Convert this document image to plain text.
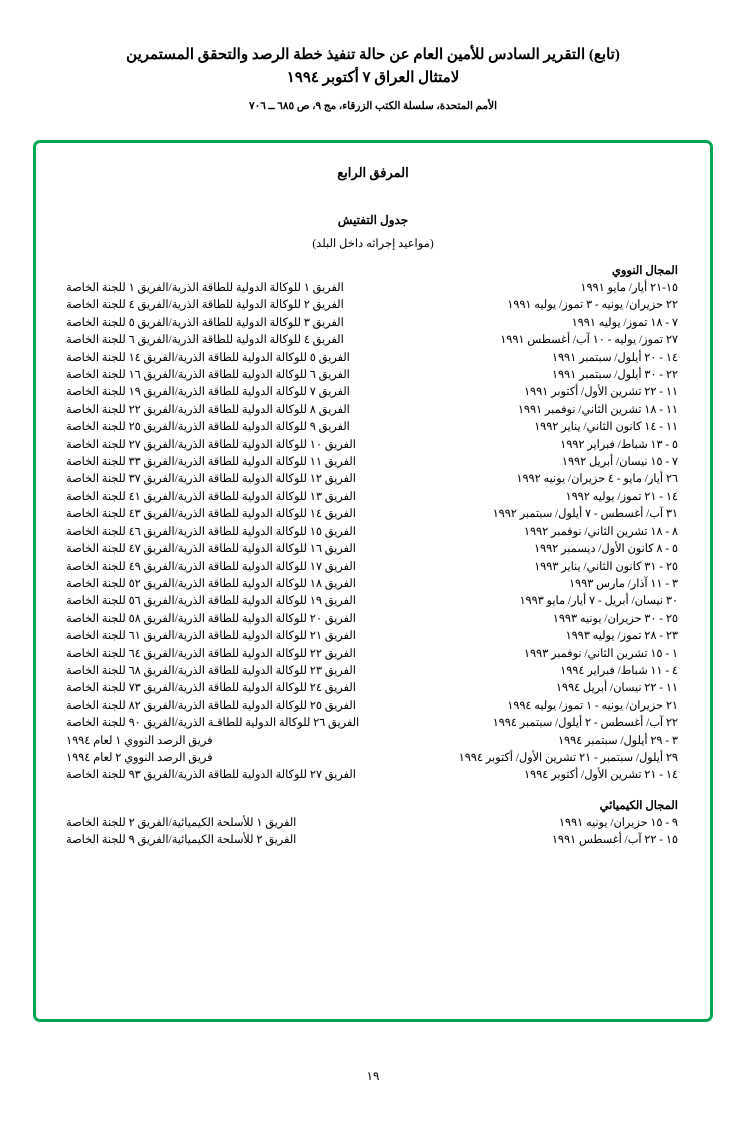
(تابع) التقرير السادس للأمين العام عن حالة تنفيذ خطة الرصد والتحقق المستمرين
لامتثال العراق ٧ أكتوبر ١٩٩٤
الأمم المتحدة، سلسلة الكتب الزرقاء، مج ٩، ص ٦٨٥ ــ ٧٠٦
المرفق الرابع
جدول التفتيش
(مواعيد إجراثه داخل البلد)
المجال النووي
١٥-٢١ أيار/ مايو ١٩٩١
الفريق ١ للوكالة الدولية للطاقة الذرية/الفريق ١ للجنة الخاصة
٢٢ حزيران/ يونيه - ٣ تموز/ يوليه ١٩٩١
الفريق ٢ للوكالة الدولية للطاقة الذرية/الفريق ٤ للجنة الخاصة
٧ - ١٨ تموز/ يوليه ١٩٩١
الفريق ٣ للوكالة الدولية للطاقة الذرية/الفريق ٥ للجنة الخاصة
٢٧ تموز/ يوليه - ١٠ آب/ أغسطس ١٩٩١
الفريق ٤ للوكالة الدولية للطاقة الذرية/الفريق ٦ للجنة الخاصة
١٤ - ٢٠ أيلول/ سبتمبر ١٩٩١
الفريق ٥ للوكالة الدولية للطاقة الذرية/الفريق ١٤ للجنة الخاصة
٢٢ - ٣٠ أيلول/ سبتمبر ١٩٩١
الفريق ٦ للوكالة الدولية للطاقة الذرية/الفريق ١٦ للجنة الخاصة
١١ - ٢٢ تشرين الأول/ أكتوبر ١٩٩١
الفريق ٧ للوكالة الدولية للطاقة الذرية/الفريق ١٩ للجنة الخاصة
١١ - ١٨ تشرين الثاني/ نوفمبر ١٩٩١
الفريق ٨ للوكالة الدولية للطاقة الذرية/الفريق ٢٢ للجنة الخاصة
١١ - ١٤ كانون الثاني/ يناير ١٩٩٢
الفريق ٩ للوكالة الدولية للطاقة الذرية/الفريق ٢٥ للجنة الخاصة
٥ - ١٣ شباط/ فبراير ١٩٩٢
الفريق ١٠ للوكالة الدولية للطاقة الذرية/الفريق ٢٧ للجنة الخاصة
٧ - ١٥ نيسان/ أبريل ١٩٩٢
الفريق ١١ للوكالة الدولية للطاقة الذرية/الفريق ٣٣ للجنة الخاصة
٢٦ أيار/ مايو - ٤ حزيران/ يونيه ١٩٩٢
الفريق ١٢ للوكالة الدولية للطاقة الذرية/الفريق ٣٧ للجنة الخاصة
١٤ - ٢١ تموز/ يوليه ١٩٩٢
الفريق ١٣ للوكالة الدولية للطاقة الذرية/الفريق ٤١ للجنة الخاصة
٣١ آب/ أغسطس - ٧ أيلول/ سبتمبر ١٩٩٢
الفريق ١٤ للوكالة الدولية للطاقة الذرية/الفريق ٤٣ للجنة الخاصة
٨ - ١٨ تشرين الثاني/ نوفمبر ١٩٩٢
الفريق ١٥ للوكالة الدولية للطاقة الذرية/الفريق ٤٦ للجنة الخاصة
٥ - ٨ كانون الأول/ ديسمبر ١٩٩٢
الفريق ١٦ للوكالة الدولية للطاقة الذرية/الفريق ٤٧ للجنة الخاصة
٢٥ - ٣١ كانون الثاني/ يناير ١٩٩٣
الفريق ١٧ للوكالة الدولية للطاقة الذرية/الفريق ٤٩ للجنة الخاصة
٣ - ١١ آذار/ مارس ١٩٩٣
الفريق ١٨ للوكالة الدولية للطاقة الذرية/الفريق ٥٢ للجنة الخاصة
٣٠ نيسان/ أبريل - ٧ أيار/ مايو ١٩٩٣
الفريق ١٩ للوكالة الدولية للطاقة الذرية/الفريق ٥٦ للجنة الخاصة
٢٥ - ٣٠ حزيران/ يونيه ١٩٩٣
الفريق ٢٠ للوكالة الدولية للطاقة الذرية/الفريق ٥٨ للجنة الخاصة
٢٣ - ٢٨ تموز/ يوليه ١٩٩٣
الفريق ٢١ للوكالة الدولية للطاقة الذرية/الفريق ٦١ للجنة الخاصة
١ - ١٥ تشرين الثاني/ نوفمبر ١٩٩٣
الفريق ٢٢ للوكالة الدولية للطاقة الذرية/الفريق ٦٤ للجنة الخاصة
٤ - ١١ شباط/ فبراير ١٩٩٤
الفريق ٢٣ للوكالة الدولية للطاقة الذرية/الفريق ٦٨ للجنة الخاصة
١١ - ٢٢ نيسان/ أبريل ١٩٩٤
الفريق ٢٤ للوكالة الدولية للطاقة الذرية/الفريق ٧٣ للجنة الخاصة
٢١ حزيران/ يونيه - ١ تموز/ يوليه ١٩٩٤
الفريق ٢٥ للوكالة الدولية للطاقة الذرية/الفريق ٨٢ للجنة الخاصة
٢٢ آب/ أغسطس - ٢ أيلول/ سبتمبر ١٩٩٤
الفريق ٢٦ للوكالة الدولية للطاقـة الذرية/الفريق ٩٠ للجنة الخاصة
٣ - ٢٩ أيلول/ سبتمبر ١٩٩٤
فريق الرصد النووي ١ لعام ١٩٩٤
٢٩ أيلول/ سبتمبر - ٢١ تشرين الأول/ أكتوبر ١٩٩٤
فريق الرصد النووي ٢ لعام ١٩٩٤
١٤ - ٢١ تشرين الأول/ أكتوبر ١٩٩٤
الفريق ٢٧ للوكالة الدولية للطاقة الذرية/الفريق ٩٣ للجنة الخاصة
المجال الكيميائي
٩ - ١٥ حزيران/ يونيه ١٩٩١
الفريق ١ للأسلحة الكيميائية/الفريق ٢ للجنة الخاصة
١٥ - ٢٢ آب/ أغسطس ١٩٩١
الفريق ٢ للأسلحة الكيميائية/الفريق ٩ للجنة الخاصة
١٩
